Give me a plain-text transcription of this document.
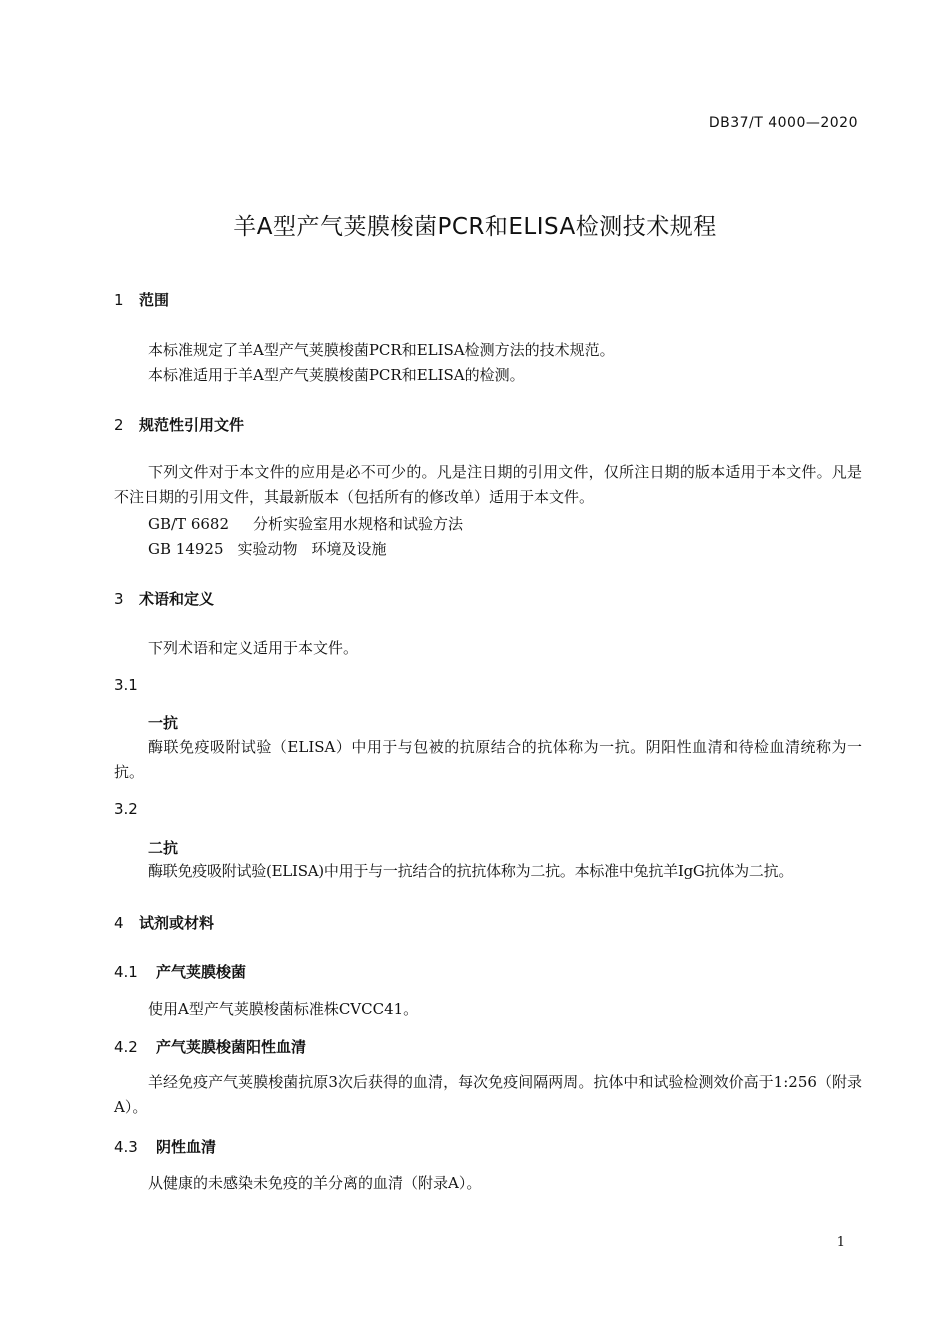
DB37/T 4000—2020
羊A型产气荚膜梭菌PCR和ELISA检测技术规程
1 范围
本标准规定了羊A型产气荚膜梭菌PCR和ELISA检测方法的技术规范。
本标准适用于羊A型产气荚膜梭菌PCR和ELISA的检测。
2 规范性引用文件
下列文件对于本文件的应用是必不可少的。凡是注日期的引用文件，仅所注日期的版本适用于本文件。凡是不注日期的引用文件，其最新版本（包括所有的修改单）适用于本文件。
GB/T 6682 分析实验室用水规格和试验方法
GB 14925 实验动物 环境及设施
3 术语和定义
下列术语和定义适用于本文件。
3.1
一抗
酶联免疫吸附试验（ELISA）中用于与包被的抗原结合的抗体称为一抗。阴阳性血清和待检血清统称为一抗。
3.2
二抗
酶联免疫吸附试验(ELISA)中用于与一抗结合的抗抗体称为二抗。本标准中兔抗羊IgG抗体为二抗。
4 试剂或材料
4.1 产气荚膜梭菌
使用A型产气荚膜梭菌标准株CVCC41。
4.2 产气荚膜梭菌阳性血清
羊经免疫产气荚膜梭菌抗原3次后获得的血清，每次免疫间隔两周。抗体中和试验检测效价高于1:256（附录A）。
4.3 阴性血清
从健康的未感染未免疫的羊分离的血清（附录A）。
1
